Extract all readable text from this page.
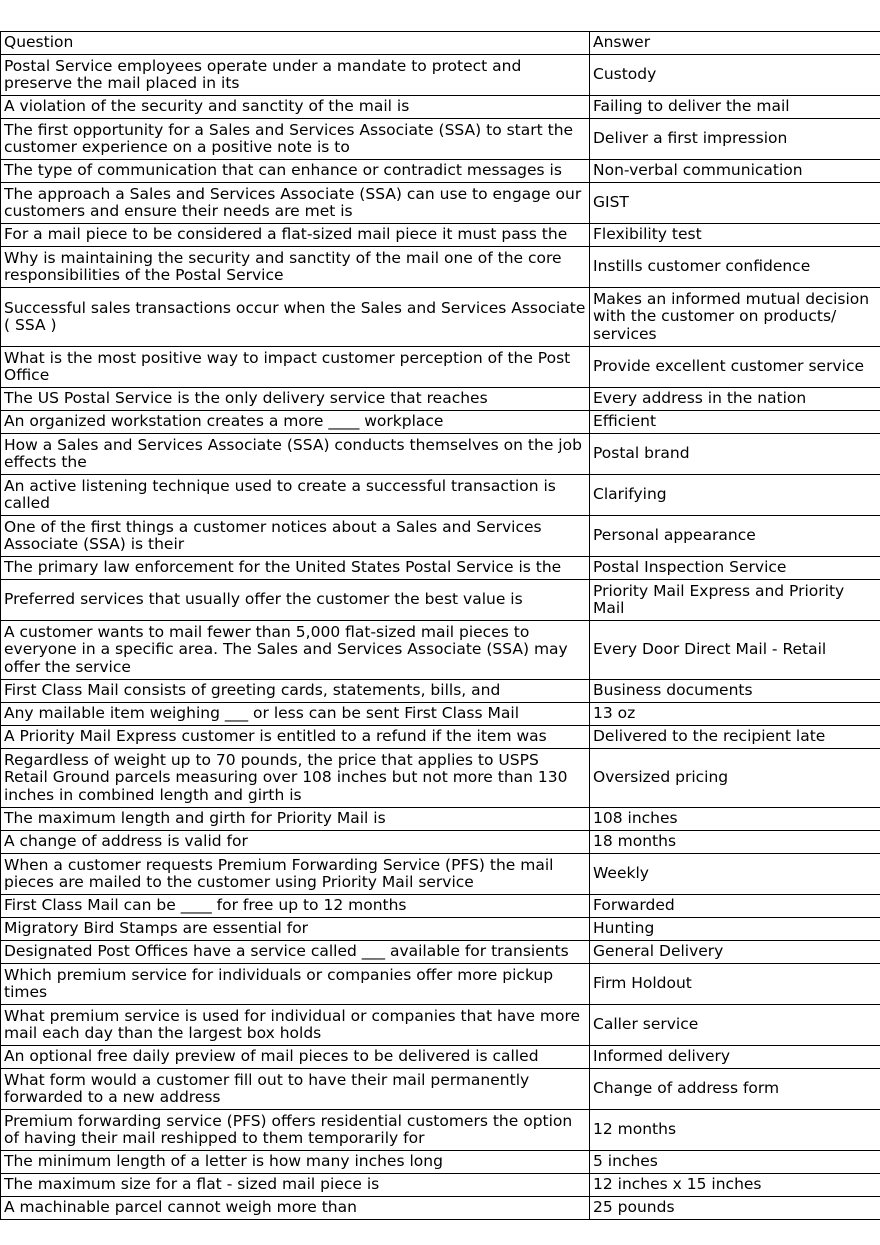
Question	Answer
Postal Service employees operate under a mandate to protect and preserve the mail placed in its	Custody
A violation of the security and sanctity of the mail is	Failing to deliver the mail
The first opportunity for a Sales and Services Associate (SSA) to start the customer experience on a positive note is to	Deliver a first impression
The type of communication that can enhance or contradict messages is	Non-verbal communication
The approach a Sales and Services Associate (SSA) can use to engage our customers and ensure their needs are met is	GIST
For a mail piece to be considered a flat-sized mail piece it must pass the	Flexibility test
Why is maintaining the security and sanctity of the mail one of the core responsibilities of the Postal Service	Instills customer confidence
Successful sales transactions occur when the Sales and Services Associate ( SSA )	Makes an informed mutual decision with the customer on products/ services
What is the most positive way to impact customer perception of the Post Office	Provide excellent customer service
The US Postal Service is the only delivery service that reaches	Every address in the nation
An organized workstation creates a more ____ workplace	Efficient
How a Sales and Services Associate (SSA) conducts themselves on the job effects the	Postal brand
An active listening technique used to create a successful transaction is called	Clarifying
One of the first things a customer notices about a Sales and Services Associate (SSA) is their	Personal appearance
The primary law enforcement for the United States Postal Service is the	Postal Inspection Service
Preferred services that usually offer the customer the best value is	Priority Mail Express and Priority Mail
A customer wants to mail fewer than 5,000 flat-sized mail pieces to everyone in a specific area. The Sales and Services Associate (SSA) may offer the service	Every Door Direct Mail - Retail
First Class Mail consists of greeting cards, statements, bills, and	Business documents
Any mailable item weighing ___ or less can be sent First Class Mail	13 oz
A Priority Mail Express customer is entitled to a refund if the item was	Delivered to the recipient late
Regardless of weight up to 70 pounds, the price that applies to USPS Retail Ground parcels measuring over 108 inches but not more than 130 inches in combined length and girth is	Oversized pricing
The maximum length and girth for Priority Mail is	108 inches
A change of address is valid for	18 months
When a customer requests Premium Forwarding Service (PFS) the mail pieces are mailed to the customer using Priority Mail service	Weekly
First Class Mail can be ____ for free up to 12 months	Forwarded
Migratory Bird Stamps are essential for	Hunting
Designated Post Offices have a service called ___ available for transients	General Delivery
Which premium service for individuals or companies offer more pickup times	Firm Holdout
What premium service is used for individual or companies that have more mail each day than the largest box holds	Caller service
An optional free daily preview of mail pieces to be delivered is called	Informed delivery
What form would a customer fill out to have their mail permanently forwarded to a new address	Change of address form
Premium forwarding service (PFS) offers residential customers the option of having their mail reshipped to them temporarily for	12 months
The minimum length of a letter is how many inches long	5 inches
The maximum size for a flat - sized mail piece is	12 inches x 15 inches
A machinable parcel cannot weigh more than	25 pounds
